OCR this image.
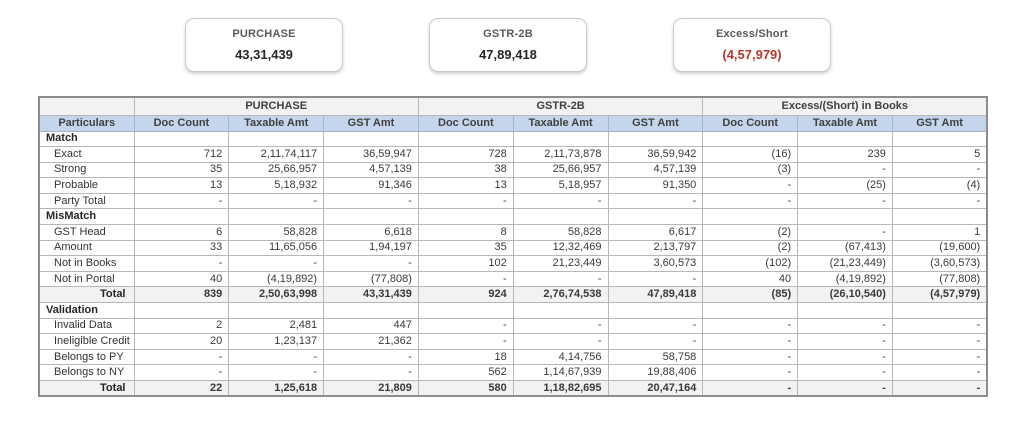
PURCHASE
43,31,439
GSTR-2B
47,89,418
Excess/Short
(4,57,979)
	PURCHASE			GSTR-2B			Excess/(Short) in Books		
Particulars	Doc Count	Taxable Amt	GST Amt	Doc Count	Taxable Amt	GST Amt	Doc Count	Taxable Amt	GST Amt
Match									
Exact	712	2,11,74,117	36,59,947	728	2,11,73,878	36,59,942	(16)	239	5
Strong	35	25,66,957	4,57,139	38	25,66,957	4,57,139	(3)	-	-
Probable	13	5,18,932	91,346	13	5,18,957	91,350	-	(25)	(4)
Party Total	-	-	-	-	-	-	-	-	-
MisMatch									
GST Head	6	58,828	6,618	8	58,828	6,617	(2)	-	1
Amount	33	11,65,056	1,94,197	35	12,32,469	2,13,797	(2)	(67,413)	(19,600)
Not in Books	-	-	-	102	21,23,449	3,60,573	(102)	(21,23,449)	(3,60,573)
Not in Portal	40	(4,19,892)	(77,808)	-	-	-	40	(4,19,892)	(77,808)
Total	839	2,50,63,998	43,31,439	924	2,76,74,538	47,89,418	(85)	(26,10,540)	(4,57,979)
Validation									
Invalid Data	2	2,481	447	-	-	-	-	-	-
Ineligible Credit	20	1,23,137	21,362	-	-	-	-	-	-
Belongs to PY	-	-	-	18	4,14,756	58,758	-	-	-
Belongs to NY	-	-	-	562	1,14,67,939	19,88,406	-	-	-
Total	22	1,25,618	21,809	580	1,18,82,695	20,47,164	-	-	-
